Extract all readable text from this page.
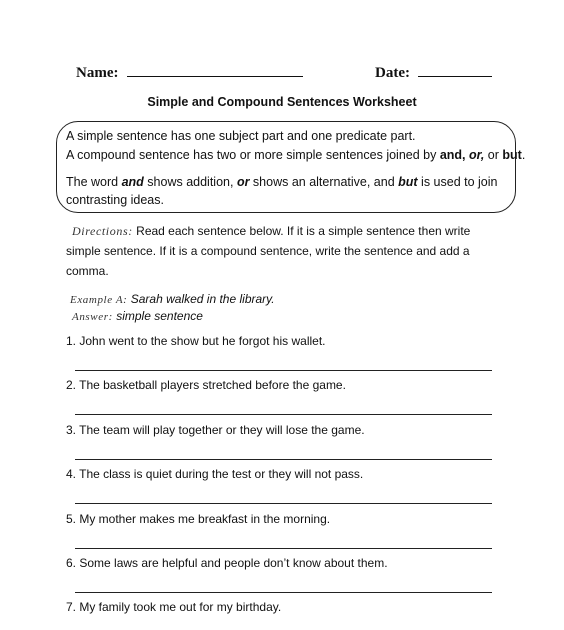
Name:	Date:
Simple and Compound Sentences Worksheet
A simple sentence has one subject part and one predicate part.
A compound sentence has two or more simple sentences joined by and, or, or but.
The word and shows addition, or shows an alternative, and but is used to join
contrasting ideas.
Directions: Read each sentence below. If it is a simple sentence then write
simple sentence. If it is a compound sentence, write the sentence and add a
comma.
Example A: Sarah walked in the library.
Answer: simple sentence
1. John went to the show but he forgot his wallet.
2. The basketball players stretched before the game.
3. The team will play together or they will lose the game.
4. The class is quiet during the test or they will not pass.
5. My mother makes me breakfast in the morning.
6. Some laws are helpful and people don’t know about them.
7. My family took me out for my birthday.
